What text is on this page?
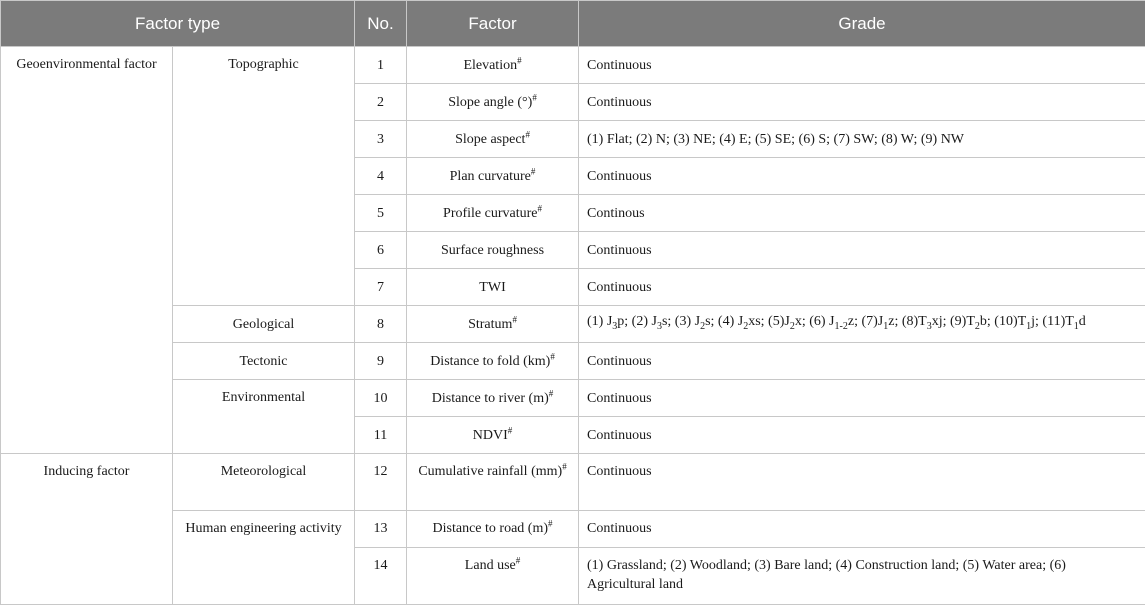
Factor type		No.	Factor	Grade
Geoenvironmental factor	Topographic	1	Elevation#	Continuous
		2	Slope angle (°)#	Continuous
		3	Slope aspect#	(1) Flat; (2) N; (3) NE; (4) E; (5) SE; (6) S; (7) SW; (8) W; (9) NW
		4	Plan curvature#	Continuous
		5	Profile curvature#	Continous
		6	Surface roughness	Continuous
		7	TWI	Continuous
	Geological	8	Stratum#	(1) $J_3p$; (2) $J_3s$; (3) $J_2s$; (4) $J_2xs$; $(5)J_2x$; (6) $J_{1-2}z$; $(7)J_1z$; $(8)T_3xj$; $(9)T_2b$; $(10)T_1j$; $(11)T_1d$
	Tectonic	9	Distance to fold (km)#	Continuous
	Environmental	10	Distance to river (m)#	Continuous
		11	NDVI#	Continuous
Inducing factor	Meteorological	12	Cumulative rainfall (mm)#	Continuous
	Human engineering activity	13	Distance to road (m)#	Continuous
		14	Land use#	(1) Grassland; (2) Woodland; (3) Bare land; (4) Construction land; (5) Water area; (6) Agricultural land
